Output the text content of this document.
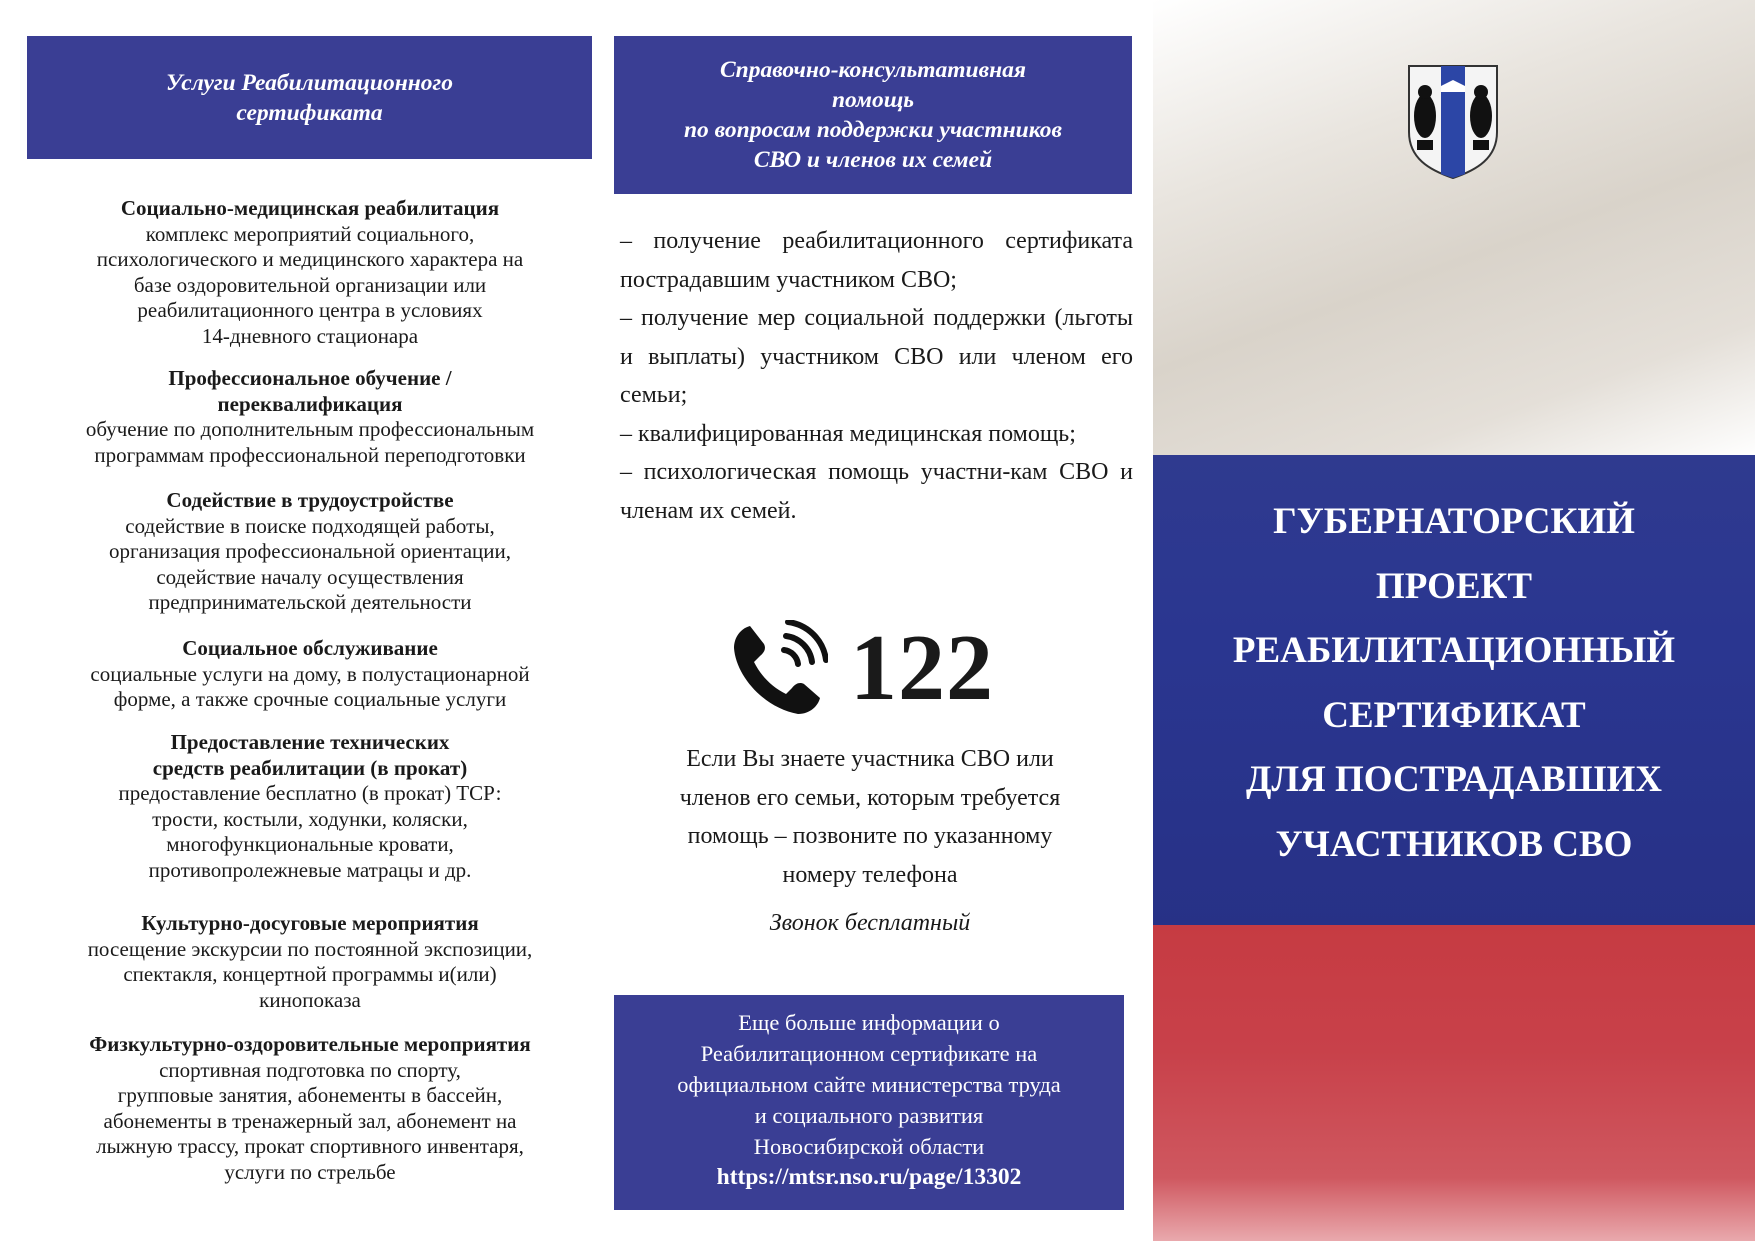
Услуги Реабилитационного
сертификата
Социально-медицинская реабилитация
комплекс мероприятий социального,
психологического и медицинского характера на
базе оздоровительной организации или
реабилитационного центра в условиях
14-дневного стационара
Профессиональное обучение /
переквалификация
обучение по дополнительным профессиональным
программам профессиональной переподготовки
Содействие в трудоустройстве
содействие в поиске подходящей работы,
организация профессиональной ориентации,
содействие началу осуществления
предпринимательской деятельности
Социальное обслуживание
социальные услуги на дому, в полустационарной
форме, а также срочные социальные услуги
Предоставление технических
средств реабилитации (в прокат)
предоставление бесплатно (в прокат) ТСР:
трости, костыли, ходунки, коляски,
многофункциональные кровати,
противопролежневые матрацы и др.
Культурно-досуговые мероприятия
посещение экскурсии по постоянной экспозиции,
спектакля, концертной программы и(или)
кинопоказа
Физкультурно-оздоровительные мероприятия
спортивная подготовка по спорту,
групповые занятия, абонементы в бассейн,
абонементы в тренажерный зал, абонемент на
лыжную трассу, прокат спортивного инвентаря,
услуги по стрельбе
Справочно-консультативная
помощь
по вопросам поддержки участников
СВО и членов их семей

– получение реабилитационного сертификата пострадавшим участником СВО;

– получение мер социальной поддержки (льготы и выплаты) участником СВО или членом его семьи;

– квалифицированная медицинская помощь;

– психологическая помощь участни-кам СВО и членам их семей.

122
Если Вы знаете участника СВО или
членов его семьи, которым требуется
помощь – позвоните по указанному
номеру телефона
Звонок бесплатный
Еще больше информации о
Реабилитационном сертификате на
официальном сайте министерства труда
и социального развития
Новосибирской области
https://mtsr.nso.ru/page/13302
ГУБЕРНАТОРСКИЙ
ПРОЕКТ
РЕАБИЛИТАЦИОННЫЙ
СЕРТИФИКАТ
ДЛЯ ПОСТРАДАВШИХ
УЧАСТНИКОВ СВО
